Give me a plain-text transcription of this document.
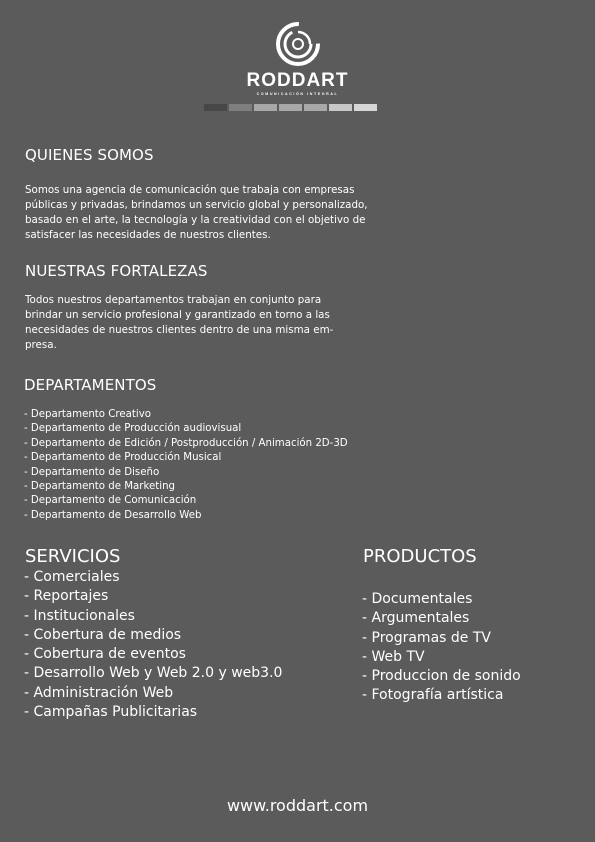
RODDART
COMUNICACIÓN INTEGRAL
QUIENES SOMOS
Somos una agencia de comunicación que trabaja con empresas
públicas y privadas, brindamos un servicio global y personalizado,
basado en el arte, la tecnología y la creatividad con el objetivo de
satisfacer las necesidades de nuestros clientes.
NUESTRAS FORTALEZAS
Todos nuestros departamentos trabajan en conjunto para
brindar un servicio profesional y garantizado en torno a las
necesidades de nuestros clientes dentro de una misma em-
presa.
DEPARTAMENTOS
- Departamento Creativo
- Departamento de Producción audiovisual
- Departamento de Edición / Postproducción / Animación 2D-3D
- Departamento de Producción Musical
- Departamento de Diseño
- Departamento de Marketing
- Departamento de Comunicación
- Departamento de Desarrollo Web
SERVICIOS
- Comerciales
- Reportajes
- Institucionales
- Cobertura de medios
- Cobertura de eventos
- Desarrollo Web y Web 2.0 y web3.0
- Administración Web
- Campañas Publicitarias
PRODUCTOS
- Documentales
- Argumentales
- Programas de TV
- Web TV
- Produccion de sonido
- Fotografía artística
www.roddart.com
